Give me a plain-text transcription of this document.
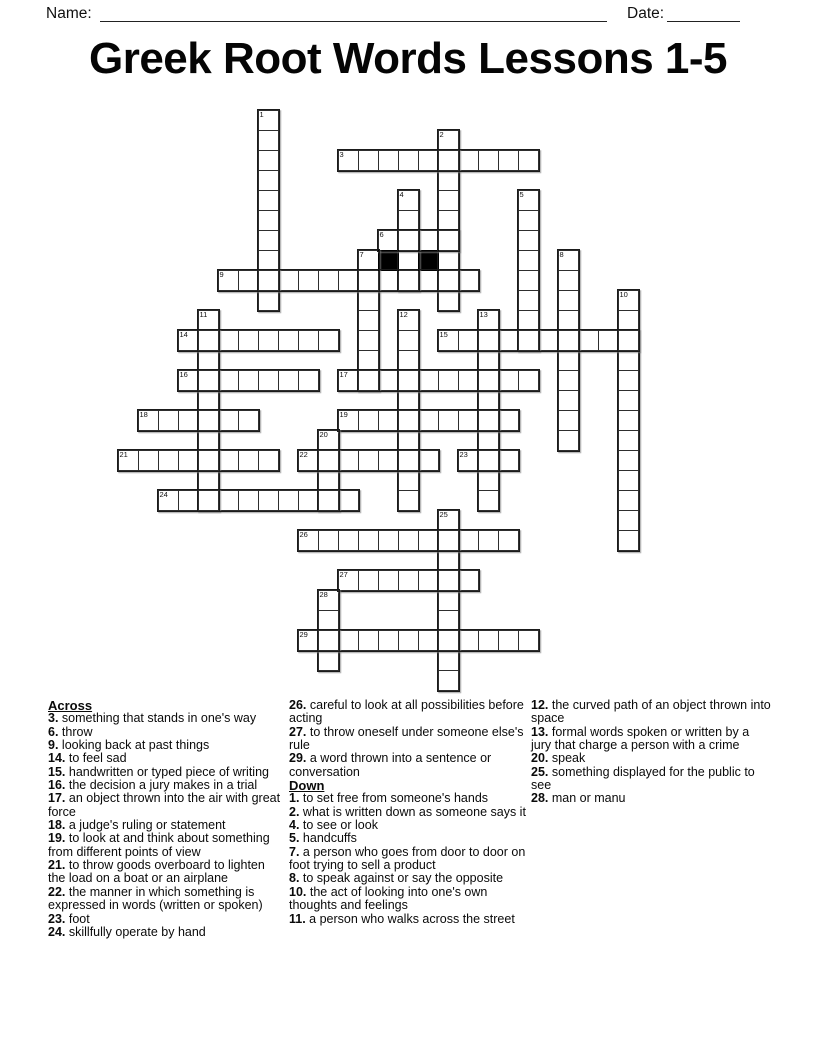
Name:	Date:
Greek Root Words Lessons 1-5
1
2
3
4	5
6
7	8
9
10
11	12	13
14	15
16	17
18	19
20
21	22	23
24
25
26
27
28
29
Across
3. something that stands in one's way
6. throw
9. looking back at past things
14. to feel sad
15. handwritten or typed piece of writing
16. the decision a jury makes in a trial
17. an object thrown into the air with great force
18. a judge's ruling or statement
19. to look at and think about something from different points of view
21. to throw goods overboard to lighten the load on a boat or an airplane
22. the manner in which something is expressed in words (written or spoken)
23. foot
24. skillfully operate by hand
26. careful to look at all possibilities before acting
27. to throw oneself under someone else's rule
29. a word thrown into a sentence or conversation
Down
1. to set free from someone's hands
2. what is written down as someone says it
4. to see or look
5. handcuffs
7. a person who goes from door to door on foot trying to sell a product
8. to speak against or say the opposite
10. the act of looking into one's own thoughts and feelings
11. a person who walks across the street
12. the curved path of an object thrown into space
13. formal words spoken or written by a jury that charge a person with a crime
20. speak
25. something displayed for the public to see
28. man or manu
